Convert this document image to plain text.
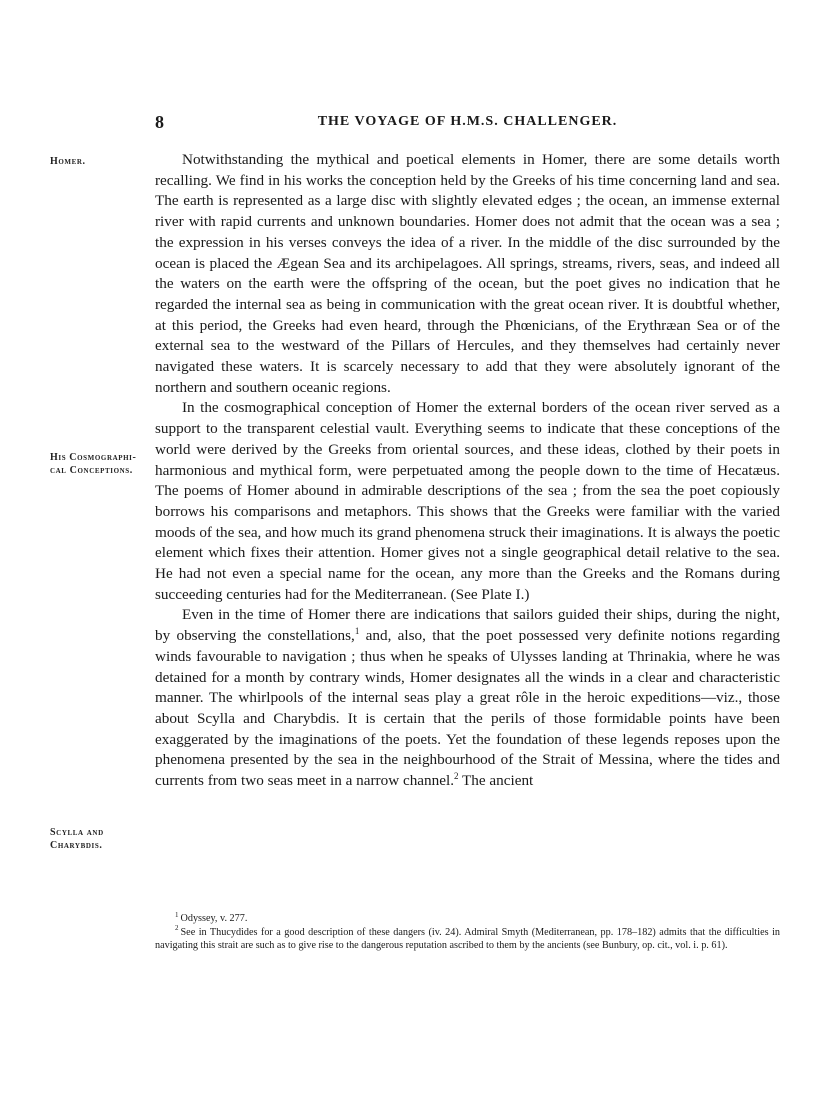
8	THE VOYAGE OF H.M.S. CHALLENGER.
Homer.
His Cosmographi-
cal Conceptions.
Scylla and
Charybdis.

Notwithstanding the mythical and poetical elements in Homer, there are some details worth recalling. We find in his works the conception held by the Greeks of his time concerning land and sea. The earth is represented as a large disc with slightly elevated edges ; the ocean, an immense external river with rapid currents and unknown boundaries. Homer does not admit that the ocean was a sea ; the expression in his verses conveys the idea of a river. In the middle of the disc surrounded by the ocean is placed the Ægean Sea and its archipelagoes. All springs, streams, rivers, seas, and indeed all the waters on the earth were the offspring of the ocean, but the poet gives no indication that he regarded the internal sea as being in communication with the great ocean river. It is doubtful whether, at this period, the Greeks had even heard, through the Phœnicians, of the Erythræan Sea or of the external sea to the westward of the Pillars of Hercules, and they themselves had certainly never navigated these waters. It is scarcely necessary to add that they were absolutely ignorant of the northern and southern oceanic regions.

In the cosmographical conception of Homer the external borders of the ocean river served as a support to the transparent celestial vault. Everything seems to indicate that these conceptions of the world were derived by the Greeks from oriental sources, and these ideas, clothed by their poets in harmonious and mythical form, were perpetuated among the people down to the time of Hecatæus. The poems of Homer abound in admirable descriptions of the sea ; from the sea the poet copiously borrows his comparisons and metaphors. This shows that the Greeks were familiar with the varied moods of the sea, and how much its grand phenomena struck their imaginations. It is always the poetic element which fixes their attention. Homer gives not a single geographical detail relative to the sea. He had not even a special name for the ocean, any more than the Greeks and the Romans during succeeding centuries had for the Mediterranean. (See Plate I.)

Even in the time of Homer there are indications that sailors guided their ships, during the night, by observing the constellations,$^1$ and, also, that the poet possessed very definite notions regarding winds favourable to navigation ; thus when he speaks of Ulysses landing at Thrinakia, where he was detained for a month by contrary winds, Homer designates all the winds in a clear and characteristic manner. The whirlpools of the internal seas play a great rôle in the heroic expeditions—viz., those about Scylla and Charybdis. It is certain that the perils of those formidable points have been exaggerated by the imaginations of the poets. Yet the foundation of these legends reposes upon the phenomena presented by the sea in the neighbourhood of the Strait of Messina, where the tides and currents from two seas meet in a narrow channel.$^2$ The ancient

$^1$ Odyssey, v. 277.

$^2$ See in Thucydides for a good description of these dangers (iv. 24). Admiral Smyth (Mediterranean, pp. 178–182) admits that the difficulties in navigating this strait are such as to give rise to the dangerous reputation ascribed to them by the ancients (see Bunbury, op. cit., vol. i. p. 61).
